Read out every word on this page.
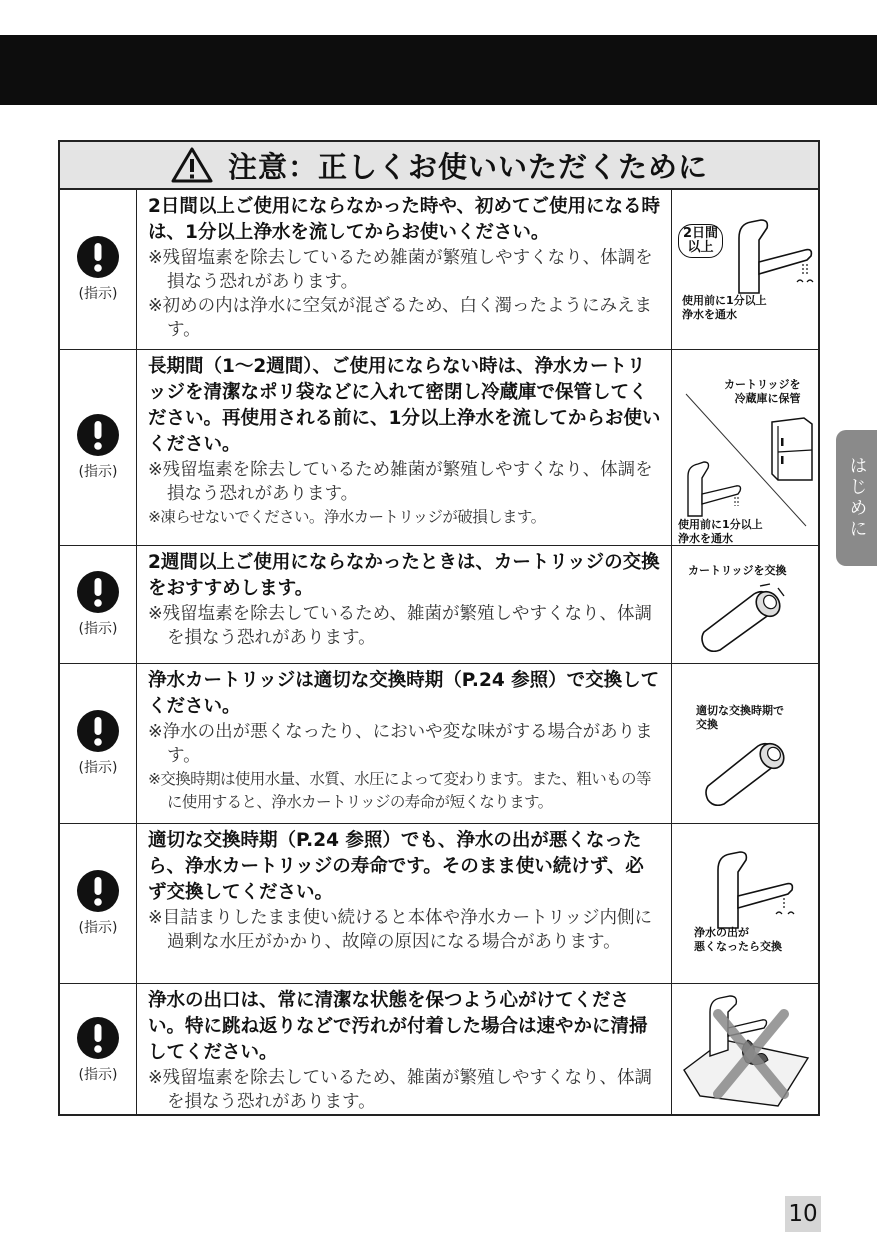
注意：正しくお使いいただくために
(指示)

2日間以上ご使用にならなかった時や、初めてご使用になる時は、1分以上浄水を流してからお使いください。

※残留塩素を除去しているため雑菌が繁殖しやすくなり、体調を損なう恐れがあります。

※初めの内は浄水に空気が混ざるため、白く濁ったようにみえます。

2日間
以上
使用前に1分以上
浄水を通水
(指示)

長期間（1～2週間）、ご使用にならない時は、浄水カートリッジを清潔なポリ袋などに入れて密閉し冷蔵庫で保管してください。再使用される前に、1分以上浄水を流してからお使いください。

※残留塩素を除去しているため雑菌が繁殖しやすくなり、体調を損なう恐れがあります。

※凍らせないでください。浄水カートリッジが破損します。

カートリッジを
冷蔵庫に保管
使用前に1分以上
浄水を通水
(指示)

2週間以上ご使用にならなかったときは、カートリッジの交換をおすすめします。

※残留塩素を除去しているため、雑菌が繁殖しやすくなり、体調を損なう恐れがあります。

カートリッジを交換
(指示)

浄水カートリッジは適切な交換時期（P.24 参照）で交換してください。

※浄水の出が悪くなったり、においや変な味がする場合があります。

※交換時期は使用水量、水質、水圧によって変わります。また、粗いもの等に使用すると、浄水カートリッジの寿命が短くなります。

適切な交換時期で
交換
(指示)

適切な交換時期（P.24 参照）でも、浄水の出が悪くなったら、浄水カートリッジの寿命です。そのまま使い続けず、必ず交換してください。

※目詰まりしたまま使い続けると本体や浄水カートリッジ内側に過剰な水圧がかかり、故障の原因になる場合があります。	浄水の出が
悪くなったら交換
(指示)

浄水の出口は、常に清潔な状態を保つよう心がけてください。特に跳ね返りなどで汚れが付着した場合は速やかに清掃してください。

※残留塩素を除去しているため、雑菌が繁殖しやすくなり、体調を損なう恐れがあります。

はじめに
10
